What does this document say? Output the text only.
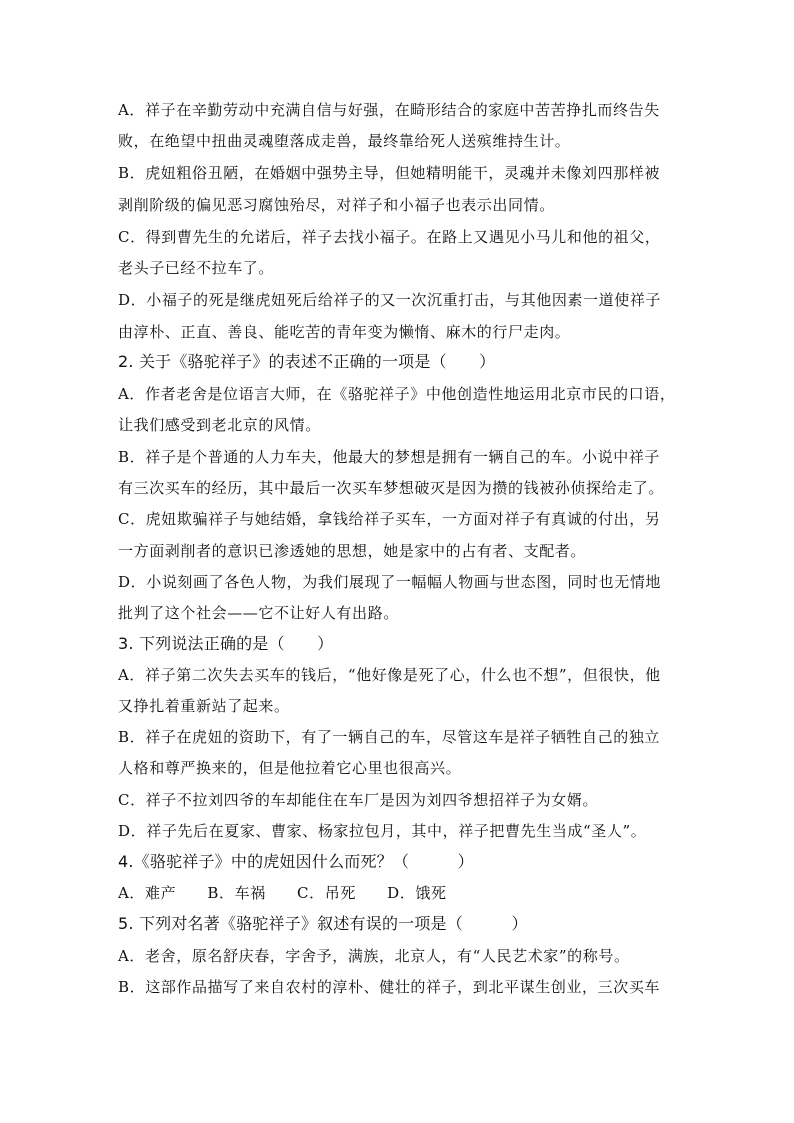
A．祥子在辛勤劳动中充满自信与好强，在畸形结合的家庭中苦苦挣扎而终告失
败，在绝望中扭曲灵魂堕落成走兽，最终靠给死人送殡维持生计。
B．虎妞粗俗丑陋，在婚姻中强势主导，但她精明能干，灵魂并未像刘四那样被
剥削阶级的偏见恶习腐蚀殆尽，对祥子和小福子也表示出同情。
C．得到曹先生的允诺后，祥子去找小福子。在路上又遇见小马儿和他的祖父，
老头子已经不拉车了。
D．小福子的死是继虎妞死后给祥子的又一次沉重打击，与其他因素一道使祥子
由淳朴、正直、善良、能吃苦的青年变为懒惰、麻木的行尸走肉。
2. 关于《骆驼祥子》的表述不正确的一项是（　　）
A．作者老舍是位语言大师，在《骆驼祥子》中他创造性地运用北京市民的口语，
让我们感受到老北京的风情。
B．祥子是个普通的人力车夫，他最大的梦想是拥有一辆自己的车。小说中祥子
有三次买车的经历，其中最后一次买车梦想破灭是因为攒的钱被孙侦探给走了。
C．虎妞欺骗祥子与她结婚，拿钱给祥子买车，一方面对祥子有真诚的付出，另
一方面剥削者的意识已渗透她的思想，她是家中的占有者、支配者。
D．小说刻画了各色人物，为我们展现了一幅幅人物画与世态图，同时也无情地
批判了这个社会——它不让好人有出路。
3. 下列说法正确的是（　　）
A．祥子第二次失去买车的钱后，“他好像是死了心，什么也不想”，但很快，他
又挣扎着重新站了起来。
B．祥子在虎妞的资助下，有了一辆自己的车，尽管这车是祥子牺牲自己的独立
人格和尊严换来的，但是他拉着它心里也很高兴。
C．祥子不拉刘四爷的车却能住在车厂是因为刘四爷想招祥子为女婿。
D．祥子先后在夏家、曹家、杨家拉包月，其中，祥子把曹先生当成“圣人”。
4.《骆驼祥子》中的虎妞因什么而死？（　　　）
A．难产　　B．车祸　　C．吊死　　D．饿死
5. 下列对名著《骆驼祥子》叙述有误的一项是（　　　）
A．老舍，原名舒庆春，字舍予，满族，北京人，有“人民艺术家”的称号。
B．这部作品描写了来自农村的淳朴、健壮的祥子，到北平谋生创业，三次买车
